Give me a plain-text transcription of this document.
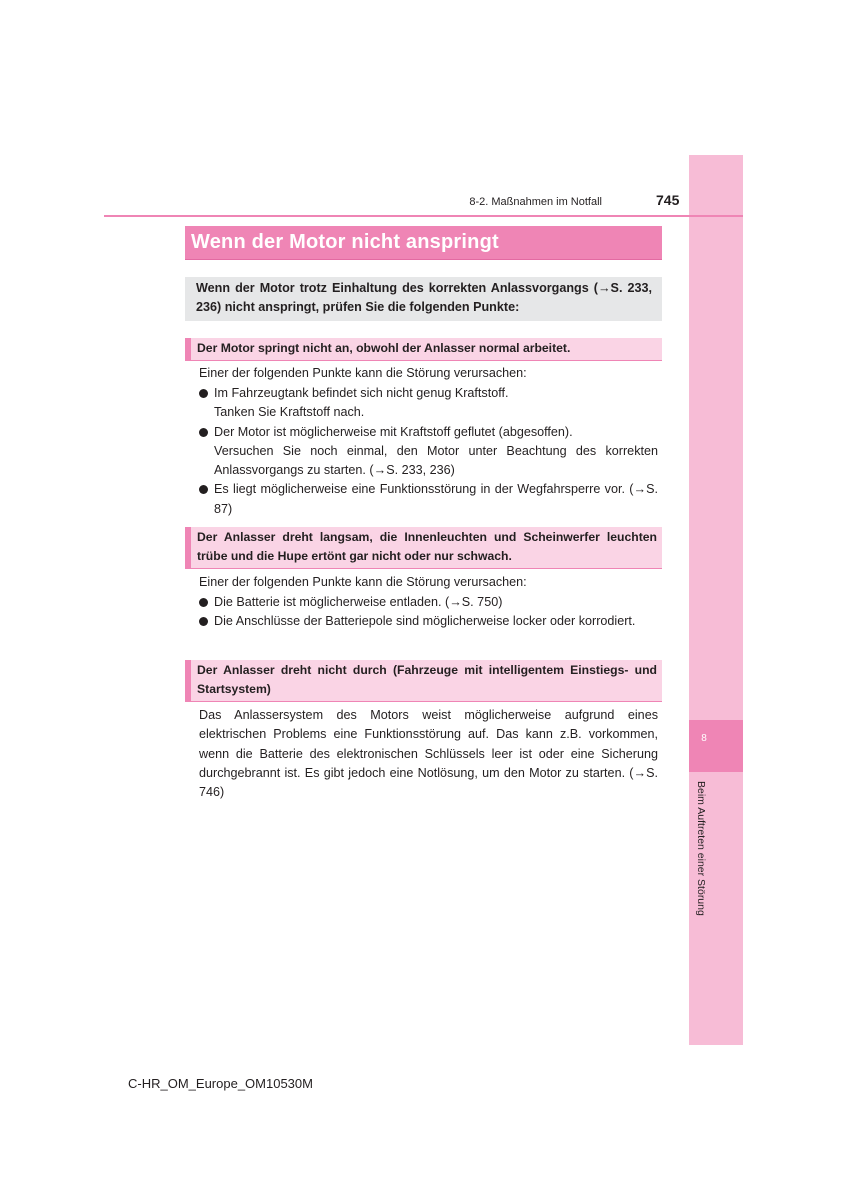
8
Beim Auftreten einer Störung
8-2. Maßnahmen im Notfall	745
Wenn der Motor nicht anspringt
Wenn der Motor trotz Einhaltung des korrekten Anlassvorgangs (→S. 233, 236) nicht anspringt, prüfen Sie die folgenden Punkte:
Der Motor springt nicht an, obwohl der Anlasser normal arbeitet.

Einer der folgenden Punkte kann die Störung verursachen:

Im Fahrzeugtank befindet sich nicht genug Kraftstoff.
Tanken Sie Kraftstoff nach.
Der Motor ist möglicherweise mit Kraftstoff geflutet (abgesoffen).
Versuchen Sie noch einmal, den Motor unter Beachtung des korrekten Anlassvorgangs zu starten. (→S. 233, 236)
Es liegt möglicherweise eine Funktionsstörung in der Wegfahrsperre vor. (→S. 87)
Der Anlasser dreht langsam, die Innenleuchten und Scheinwerfer leuchten trübe und die Hupe ertönt gar nicht oder nur schwach.

Einer der folgenden Punkte kann die Störung verursachen:

Die Batterie ist möglicherweise entladen. (→S. 750)
Die Anschlüsse der Batteriepole sind möglicherweise locker oder korrodiert.
Der Anlasser dreht nicht durch (Fahrzeuge mit intelligentem Einstiegs- und Startsystem)

Das Anlassersystem des Motors weist möglicherweise aufgrund eines elektrischen Problems eine Funktionsstörung auf. Das kann z.B. vorkommen, wenn die Batterie des elektronischen Schlüssels leer ist oder eine Sicherung durchgebrannt ist. Es gibt jedoch eine Notlösung, um den Motor zu starten. (→S. 746)

C-HR_OM_Europe_OM10530M
